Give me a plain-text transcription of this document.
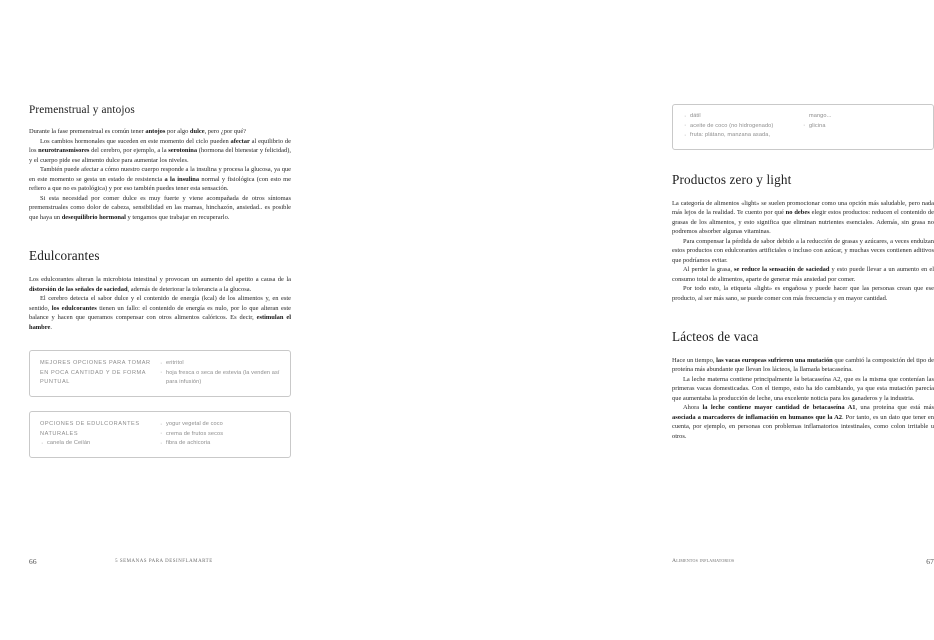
Premenstrual y antojos

Durante la fase premenstrual es común tener antojos por algo dulce, pero ¿por qué?

Los cambios hormonales que suceden en este momento del ciclo pueden afectar al equilibrio de los neurotransmisores del cerebro, por ejemplo, a la serotonina (hormona del bienestar y felicidad), y el cuerpo pide ese alimento dulce para aumentar los niveles.

También puede afectar a cómo nuestro cuerpo responde a la insulina y procesa la glucosa, ya que en este momento se gesta un estado de resistencia a la insulina normal y fisiológica (con esto me refiero a que no es patológica) y por eso también puedes tener esta sensación.

Si esta necesidad por comer dulce es muy fuerte y viene acompañada de otros síntomas premenstruales como dolor de cabeza, sensibilidad en las mamas, hinchazón, ansiedad.. es posible que haya un desequilibrio hormonal y tengamos que trabajar en recuperarlo.

Edulcorantes

Los edulcorantes alteran la microbiota intestinal y provocan un aumento del apetito a causa de la distorsión de las señales de saciedad, además de deteriorar la tolerancia a la glucosa.

El cerebro detecta el sabor dulce y el contenido de energía (kcal) de los alimentos y, en este sentido, los edulcorantes tienen un fallo: el contenido de energía es nulo, por lo que alteran este balance y hacen que queramos compensar con otros alimentos calóricos. Es decir, estimulan el hambre.

MEJORES OPCIONES PARA TOMAR EN POCA CANTIDAD Y DE FORMA PUNTUAL
· eritritol
· hoja fresca o seca de estevia (la venden así para infusión)
OPCIONES DE EDULCORANTES NATURALES
· canela de Ceilán
· yogur vegetal de coco
· crema de frutos secos
· fibra de achicoria
66	5 SEMANAS PARA DESINFLAMARTE
· dátil
· aceite de coco (no hidrogenado)
· fruta: plátano, manzana asada,
mango...
· glicina
Productos zero y light

La categoría de alimentos «light» se suelen promocionar como una opción más saludable, pero nada más lejos de la realidad. Te cuento por qué no debes elegir estos productos: reducen el contenido de grasas de los alimentos, y esto significa que eliminan nutrientes esenciales. Además, sin grasa no podremos absorber algunas vitaminas.

Para compensar la pérdida de sabor debido a la reducción de grasas y azúcares, a veces endulzan estos productos con edulcorantes artificiales o incluso con azúcar, y muchas veces contienen aditivos que podríamos evitar.

Al perder la grasa, se reduce la sensación de saciedad y esto puede llevar a un aumento en el consumo total de alimentos, aparte de generar más ansiedad por comer.

Por todo esto, la etiqueta «light» es engañosa y puede hacer que las personas crean que ese producto, al ser más sano, se puede comer con más frecuencia y en mayor cantidad.

Lácteos de vaca

Hace un tiempo, las vacas europeas sufrieron una mutación que cambió la composición del tipo de proteína más abundante que llevan los lácteos, la llamada betacaseína.

La leche materna contiene principalmente la betacaseína A2, que es la misma que contenían las primeras vacas domesticadas. Con el tiempo, esto ha ido cambiando, ya que esta mutación parecía que aumentaba la producción de leche, una excelente noticia para los ganaderos y la industria.

Ahora la leche contiene mayor cantidad de betacaseína A1, una proteína que está más asociada a marcadores de inflamación en humanos que la A2. Por tanto, es un dato que tener en cuenta, por ejemplo, en personas con problemas inflamatorios intestinales, como colon irritable u otros.

Alimentos inflamatorios	67
